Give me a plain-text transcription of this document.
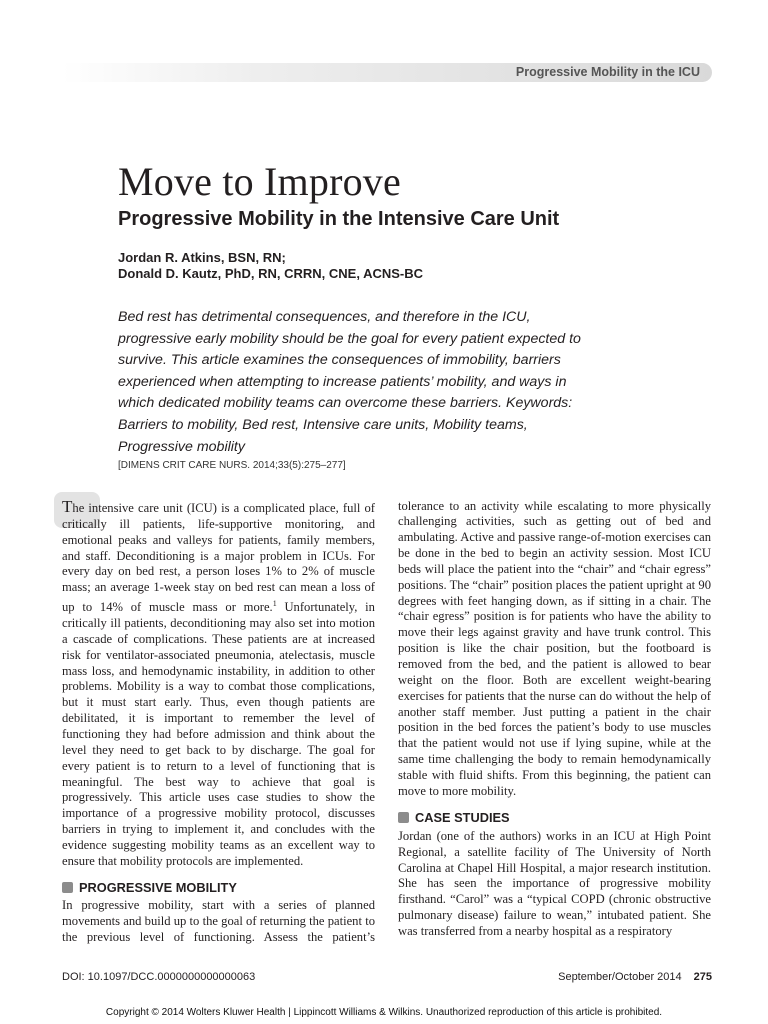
Progressive Mobility in the ICU
Move to Improve
Progressive Mobility in the Intensive Care Unit
Jordan R. Atkins, BSN, RN;
Donald D. Kautz, PhD, RN, CRRN, CNE, ACNS-BC
Bed rest has detrimental consequences, and therefore in the ICU, progressive early mobility should be the goal for every patient expected to survive. This article examines the consequences of immobility, barriers experienced when attempting to increase patients’ mobility, and ways in which dedicated mobility teams can overcome these barriers. Keywords: Barriers to mobility, Bed rest, Intensive care units, Mobility teams, Progressive mobility
[DIMENS CRIT CARE NURS. 2014;33(5):275–277]

The intensive care unit (ICU) is a complicated place, full of critically ill patients, life-supportive monitoring, and emotional peaks and valleys for patients, family members, and staff. Deconditioning is a major problem in ICUs. For every day on bed rest, a person loses 1% to 2% of muscle mass; an average 1-week stay on bed rest can mean a loss of up to 14% of muscle mass or more.$^1$ Unfortunately, in critically ill patients, deconditioning may also set into motion a cascade of complications. These patients are at increased risk for ventilator-associated pneumonia, atelectasis, muscle mass loss, and hemodynamic instability, in addition to other problems. Mobility is a way to combat those complications, but it must start early. Thus, even though patients are debilitated, it is important to remember the level of functioning they had before admission and think about the level they need to get back to by discharge. The goal for every patient is to return to a level of functioning that is meaningful. The best way to achieve that goal is progressively. This article uses case studies to show the importance of a progressive mobility protocol, discusses barriers in trying to implement it, and concludes with the evidence suggesting mobility teams as an excellent way to ensure that mobility protocols are implemented.

PROGRESSIVE MOBILITY

In progressive mobility, start with a series of planned movements and build up to the goal of returning the patient to the previous level of functioning. Assess the patient’s

tolerance to an activity while escalating to more physically challenging activities, such as getting out of bed and ambulating. Active and passive range-of-motion exercises can be done in the bed to begin an activity session. Most ICU beds will place the patient into the “chair” and “chair egress” positions. The “chair” position places the patient upright at 90 degrees with feet hanging down, as if sitting in a chair. The “chair egress” position is for patients who have the ability to move their legs against gravity and have trunk control. This position is like the chair position, but the footboard is removed from the bed, and the patient is allowed to bear weight on the floor. Both are excellent weight-bearing exercises for patients that the nurse can do without the help of another staff member. Just putting a patient in the chair position in the bed forces the patient’s body to use muscles that the patient would not use if lying supine, while at the same time challenging the body to remain hemodynamically stable with fluid shifts. From this beginning, the patient can move to more mobility.

CASE STUDIES

Jordan (one of the authors) works in an ICU at High Point Regional, a satellite facility of The University of North Carolina at Chapel Hill Hospital, a major research institution. She has seen the importance of progressive mobility firsthand. “Carol” was a “typical COPD (chronic obstructive pulmonary disease) failure to wean,” intubated patient. She was transferred from a nearby hospital as a respiratory

DOI: 10.1097/DCC.0000000000000063	September/October 2014 275
Copyright © 2014 Wolters Kluwer Health | Lippincott Williams & Wilkins. Unauthorized reproduction of this article is prohibited.
